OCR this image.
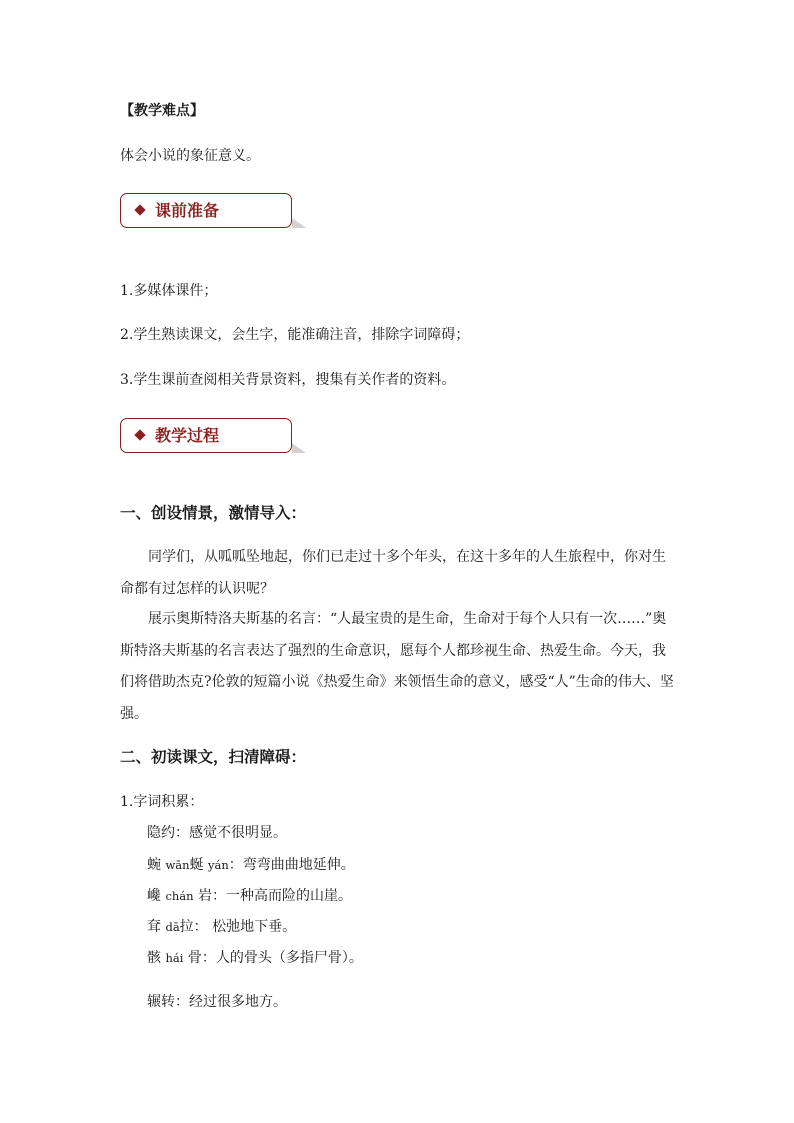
【教学难点】
体会小说的象征意义。
课前准备
1.多媒体课件；
2.学生熟读课文，会生字，能准确注音，排除字词障碍；
3.学生课前查阅相关背景资料，搜集有关作者的资料。
教学过程
一、创设情景，激情导入：
同学们，从呱呱坠地起，你们已走过十多个年头，在这十多年的人生旅程中，你对生命都有过怎样的认识呢？
展示奥斯特洛夫斯基的名言：“人最宝贵的是生命，生命对于每个人只有一次……”奥斯特洛夫斯基的名言表达了强烈的生命意识，愿每个人都珍视生命、热爱生命。今天，我们将借助杰克?伦敦的短篇小说《热爱生命》来领悟生命的意义，感受“人”生命的伟大、坚强。
二、初读课文，扫清障碍：
1.字词积累：
隐约：感觉不很明显。
蜿 wān蜒 yán：弯弯曲曲地延伸。
巉 chán 岩：一种高而险的山崖。
耷 dā拉： 松弛地下垂。
骸 hái 骨：人的骨头（多指尸骨）。
辗转：经过很多地方。
